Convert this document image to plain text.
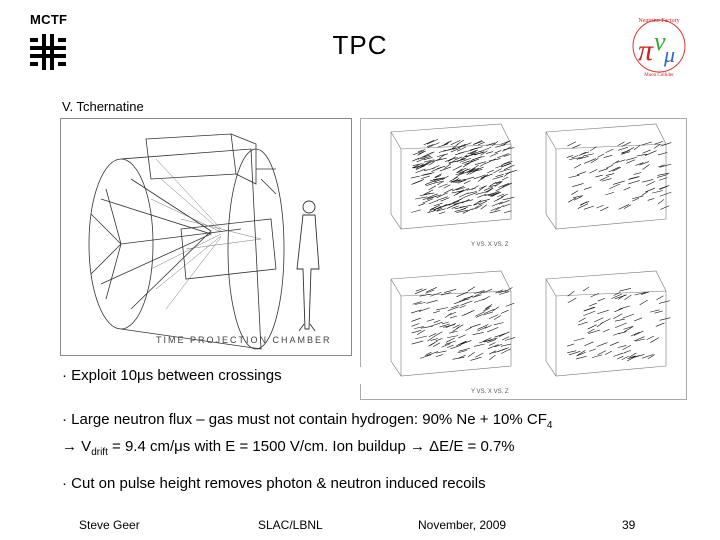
MCTF
TPC
Neutrino Factory
π ν
μ
Muon Collider
V. Tchernatine
TIME PROJECTION CHAMBER
Y VS. X VS. Z
Y VS. X VS. Z
· Exploit 10μs between crossings
· Large neutron flux – gas must not contain hydrogen: 90% Ne + 10% $CF_4$
→ $V_{drift} = 9.4$ cm/μs with E = 1500 V/cm. Ion buildup → ΔE/E = 0.7%
· Cut on pulse height removes photon & neutron induced recoils
Steve Geer	SLAC/LBNL	November, 2009	39
